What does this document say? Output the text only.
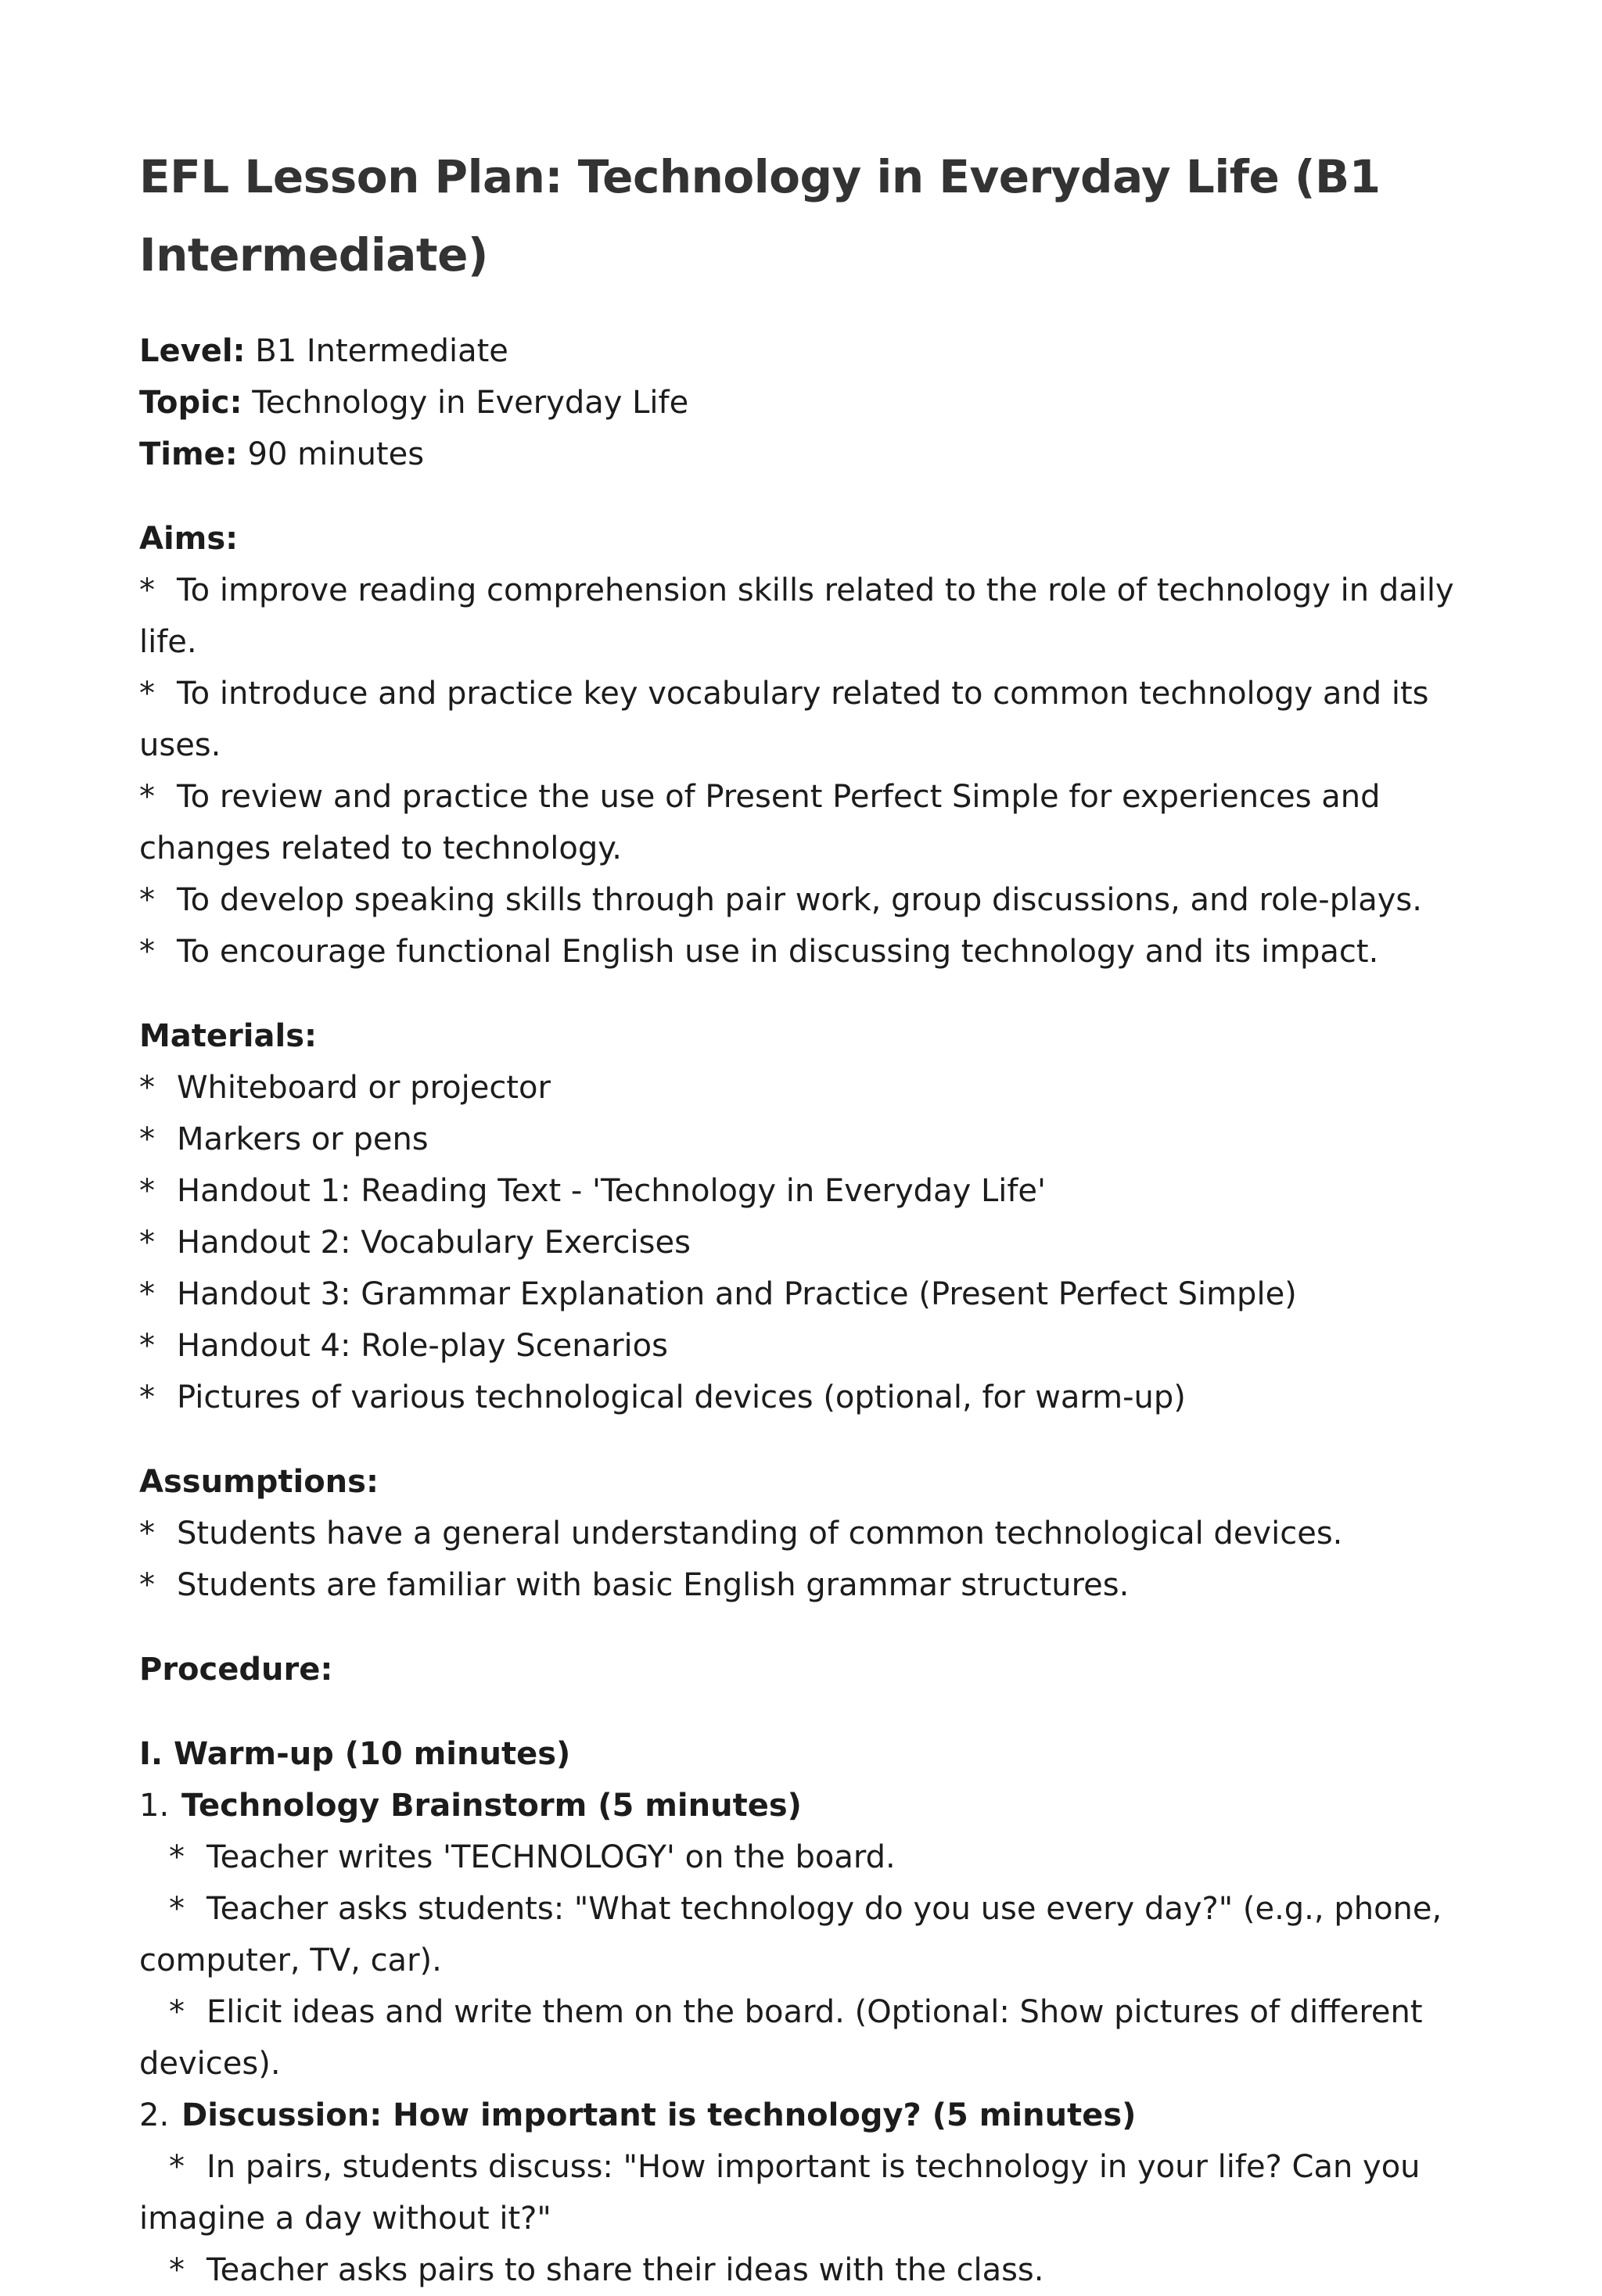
EFL Lesson Plan: Technology in Everyday Life (B1 Intermediate)

Level: B1 Intermediate

Topic: Technology in Everyday Life

Time: 90 minutes

Aims:

* To improve reading comprehension skills related to the role of technology in daily life.

* To introduce and practice key vocabulary related to common technology and its uses.

* To review and practice the use of Present Perfect Simple for experiences and changes related to technology.

* To develop speaking skills through pair work, group discussions, and role-plays.

* To encourage functional English use in discussing technology and its impact.

Materials:

* Whiteboard or projector

* Markers or pens

* Handout 1: Reading Text - 'Technology in Everyday Life'

* Handout 2: Vocabulary Exercises

* Handout 3: Grammar Explanation and Practice (Present Perfect Simple)

* Handout 4: Role-play Scenarios

* Pictures of various technological devices (optional, for warm-up)

Assumptions:

* Students have a general understanding of common technological devices.

* Students are familiar with basic English grammar structures.

Procedure:

I. Warm-up (10 minutes)

1. Technology Brainstorm (5 minutes)

* Teacher writes 'TECHNOLOGY' on the board.

* Teacher asks students: "What technology do you use every day?" (e.g., phone, computer, TV, car).

* Elicit ideas and write them on the board. (Optional: Show pictures of different devices).

2. Discussion: How important is technology? (5 minutes)

* In pairs, students discuss: "How important is technology in your life? Can you imagine a day without it?"

* Teacher asks pairs to share their ideas with the class.
